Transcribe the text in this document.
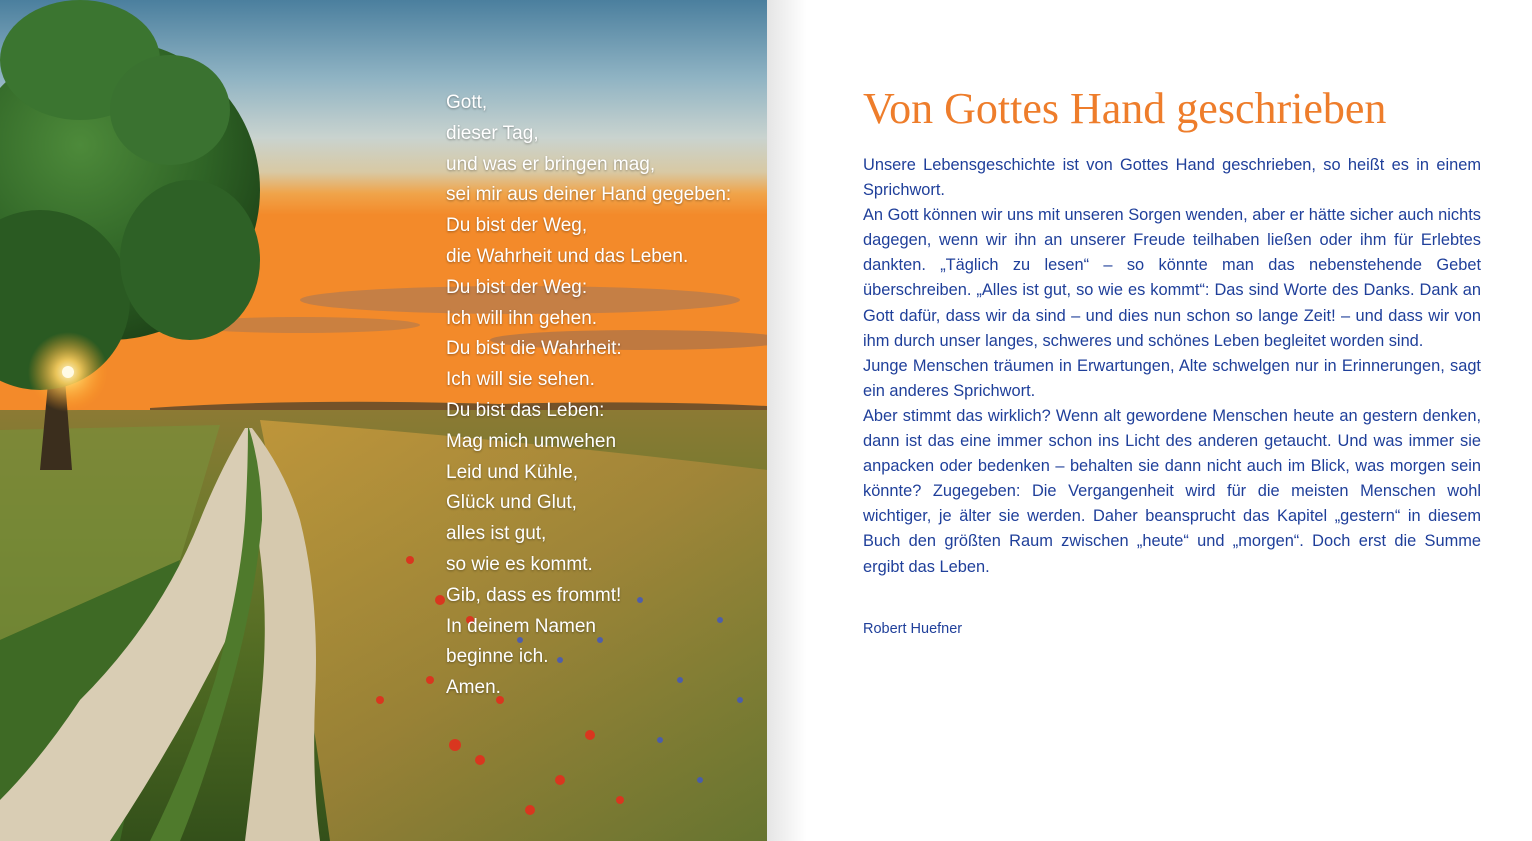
Gott,
dieser Tag,
und was er bringen mag,
sei mir aus deiner Hand gegeben:
Du bist der Weg,
die Wahrheit und das Leben.
Du bist der Weg:
Ich will ihn gehen.
Du bist die Wahrheit:
Ich will sie sehen.
Du bist das Leben:
Mag mich umwehen
Leid und Kühle,
Glück und Glut,
alles ist gut,
so wie es kommt.
Gib, dass es frommt!
In deinem Namen
beginne ich.
Amen.
Von Gottes Hand geschrieben

Unsere Lebensgeschichte ist von Gottes Hand geschrieben, so heißt es in einem Sprichwort.

An Gott können wir uns mit unseren Sorgen wenden, aber er hätte sicher auch nichts dagegen, wenn wir ihn an unserer Freude teilhaben ließen oder ihm für Erlebtes dankten. „Täglich zu lesen“ – so könnte man das nebenstehende Gebet überschreiben. „Alles ist gut, so wie es kommt“: Das sind Worte des Danks. Dank an Gott dafür, dass wir da sind – und dies nun schon so lange Zeit! – und dass wir von ihm durch unser langes, schweres und schönes Leben begleitet worden sind.

Junge Menschen träumen in Erwartungen, Alte schwelgen nur in Erinnerungen, sagt ein anderes Sprichwort.

Aber stimmt das wirklich? Wenn alt gewordene Menschen heute an gestern denken, dann ist das eine immer schon ins Licht des anderen getaucht. Und was immer sie anpacken oder bedenken – behalten sie dann nicht auch im Blick, was morgen sein könnte? Zugegeben: Die Vergangenheit wird für die meisten Menschen wohl wichtiger, je älter sie werden. Daher beansprucht das Kapitel „gestern“ in diesem Buch den größten Raum zwischen „heute“ und „morgen“. Doch erst die Summe ergibt das Leben.

Robert Huefner
